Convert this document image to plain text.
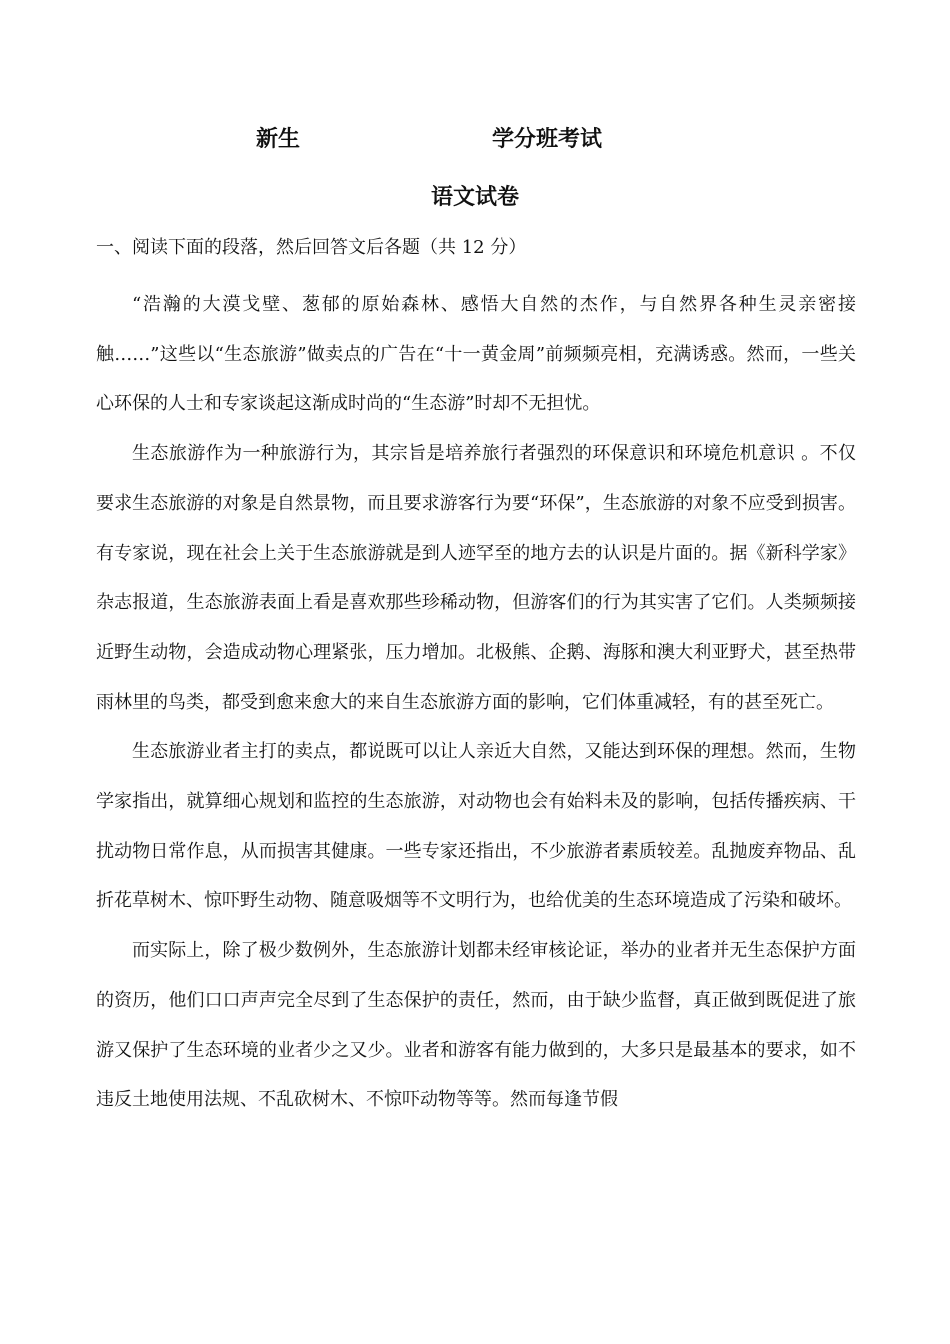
新生	学分班考试
语文试卷
一、阅读下面的段落，然后回答文后各题（共 12 分）

“浩瀚的大漠戈壁、葱郁的原始森林、感悟大自然的杰作，与自然界各种生灵亲密接触……”这些以“生态旅游”做卖点的广告在“十一黄金周”前频频亮相，充满诱惑。然而，一些关心环保的人士和专家谈起这渐成时尚的“生态游”时却不无担忧。

生态旅游作为一种旅游行为，其宗旨是培养旅行者强烈的环保意识和环境危机意识 。不仅要求生态旅游的对象是自然景物，而且要求游客行为要“环保”，生态旅游的对象不应受到损害。有专家说，现在社会上关于生态旅游就是到人迹罕至的地方去的认识是片面的。据《新科学家》杂志报道，生态旅游表面上看是喜欢那些珍稀动物，但游客们的行为其实害了它们。人类频频接近野生动物，会造成动物心理紧张，压力增加。北极熊、企鹅、海豚和澳大利亚野犬，甚至热带雨林里的鸟类，都受到愈来愈大的来自生态旅游方面的影响，它们体重减轻，有的甚至死亡。

生态旅游业者主打的卖点，都说既可以让人亲近大自然，又能达到环保的理想。然而，生物学家指出，就算细心规划和监控的生态旅游，对动物也会有始料未及的影响，包括传播疾病、干扰动物日常作息，从而损害其健康。一些专家还指出，不少旅游者素质较差。乱抛废弃物品、乱折花草树木、惊吓野生动物、随意吸烟等不文明行为，也给优美的生态环境造成了污染和破坏。

而实际上，除了极少数例外，生态旅游计划都未经审核论证，举办的业者并无生态保护方面的资历，他们口口声声完全尽到了生态保护的责任，然而，由于缺少监督，真正做到既促进了旅游又保护了生态环境的业者少之又少。业者和游客有能力做到的，大多只是最基本的要求，如不违反土地使用法规、不乱砍树木、不惊吓动物等等。然而每逢节假
